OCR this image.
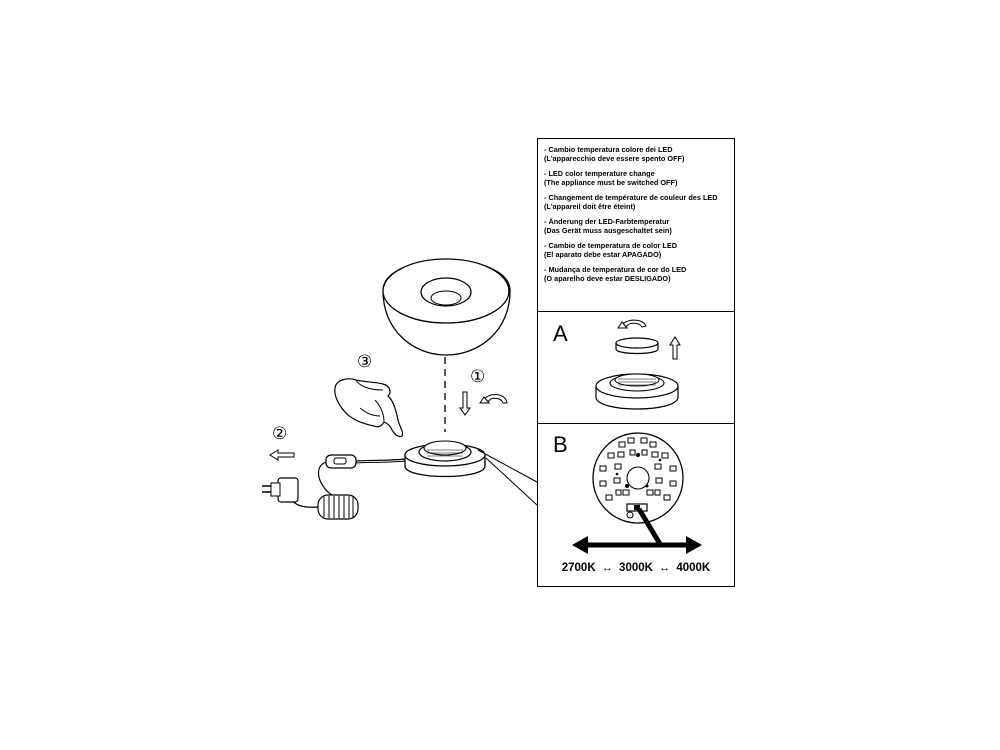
③
①
②
- Cambio temperatura colore dei LED
(L'apparecchio deve essere spento OFF)
- LED color temperature change
(The appliance must be switched OFF)
- Changement de température de couleur des LED
(L'appareil doit être éteint)
- Änderung der LED-Farbtemperatur
(Das Gerät muss ausgeschaltet sein)
- Cambio de temperatura de color LED
(El aparato debe estar APAGADO)
- Mudança de temperatura de cor do LED
(O aparelho deve estar DESLIGADO)
A
B
2700K ↔ 3000K ↔ 4000K
